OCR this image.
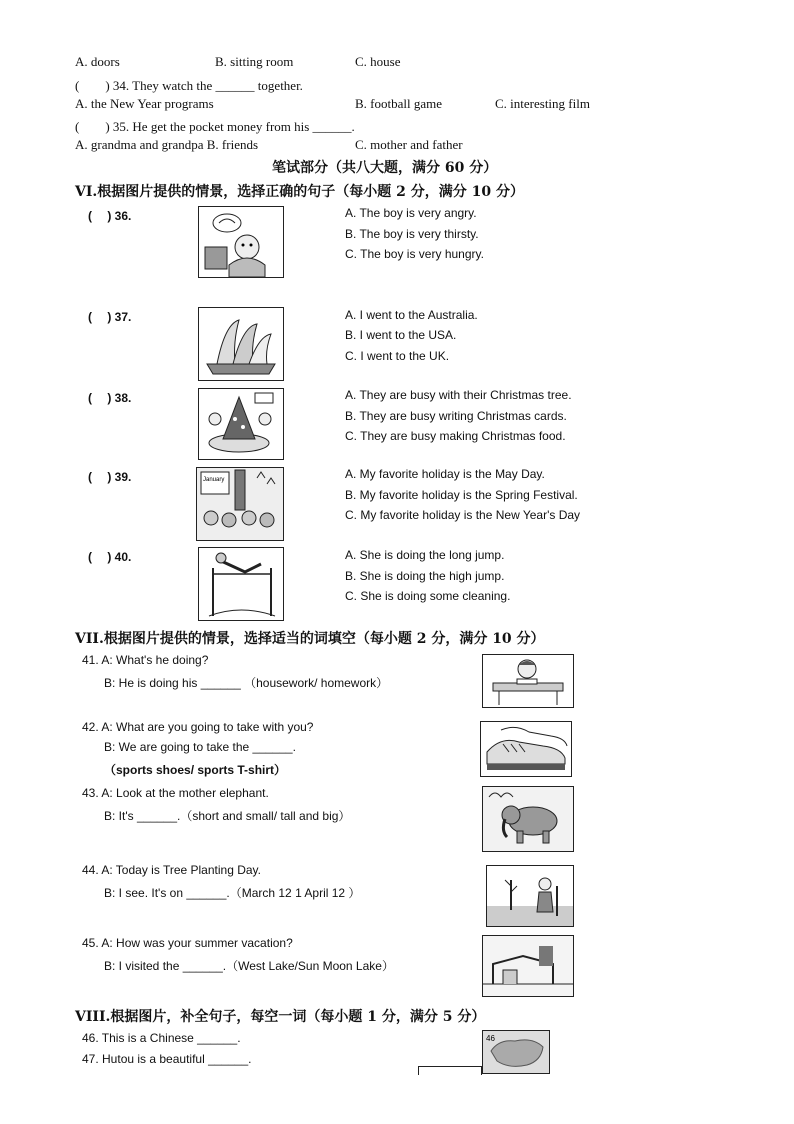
A. doors	B. sitting room	C. house
(　　) 34. They watch the ______ together.
A. the New Year programs	B. football game	C. interesting film
(　　) 35. He get the pocket money from his ______.
A. grandma and grandpa B. friends	C. mother and father
笔试部分（共八大题，满分 60 分）
VI.根据图片提供的情景，选择正确的句子（每小题 2 分，满分 10 分）
(　 ) 36.	A. The boy is very angry.
B. The boy is very thirsty.
C. The boy is very hungry.
(　 ) 37.	A. I went to the Australia.
B. I went to the USA.
C. I went to the UK.
(　 ) 38.	A. They are busy with their Christmas tree.
B. They are busy writing Christmas cards.
C. They are busy making Christmas food.
(　 ) 39.	January	A. My favorite holiday is the May Day.
B. My favorite holiday is the Spring Festival.
C. My favorite holiday is the New Year's Day
(　 ) 40.	A. She is doing the long jump.
B. She is doing the high jump.
C. She is doing some cleaning.
VII.根据图片提供的情景，选择适当的词填空（每小题 2 分，满分 10 分）
41. A: What's he doing?
B: He is doing his ______ （housework/ homework）
42. A: What are you going to take with you?
B: We are going to take the ______.
（sports shoes/ sports T-shirt）
43. A: Look at the mother elephant.
B: It's ______.（short and small/ tall and big）
44. A: Today is Tree Planting Day.
B: I see. It's on ______.（March 12 1 April 12 ）
45. A: How was your summer vacation?
B: I visited the ______.（West Lake/Sun Moon Lake）
VIII.根据图片，补全句子，每空一词（每小题 1 分，满分 5 分）
46. This is a Chinese ______.
47. Hutou is a beautiful ______.
46
